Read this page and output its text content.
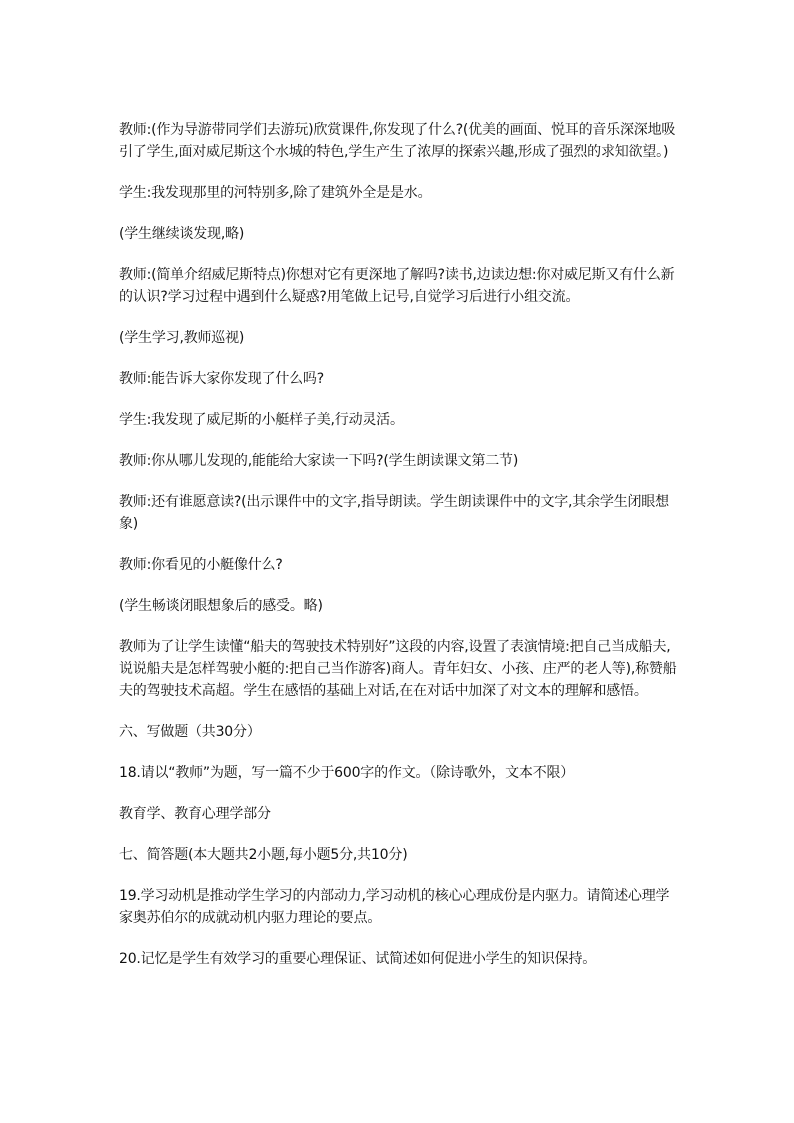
教师:(作为导游带同学们去游玩)欣赏课件,你发现了什么?(优美的画面、悦耳的音乐深深地吸引了学生,面对威尼斯这个水城的特色,学生产生了浓厚的探索兴趣,形成了强烈的求知欲望。)

学生:我发现那里的河特别多,除了建筑外全是是水。

(学生继续谈发现,略)

教师:(简单介绍威尼斯特点)你想对它有更深地了解吗?读书,边读边想:你对威尼斯又有什么新的认识?学习过程中遇到什么疑惑?用笔做上记号,自觉学习后进行小组交流。

(学生学习,教师巡视)

教师:能告诉大家你发现了什么吗?

学生:我发现了威尼斯的小艇样子美,行动灵活。

教师:你从哪儿发现的,能能给大家读一下吗?(学生朗读课文第二节)

教师:还有谁愿意读?(出示课件中的文字,指导朗读。学生朗读课件中的文字,其余学生闭眼想象)

教师:你看见的小艇像什么?

(学生畅谈闭眼想象后的感受。略)

教师为了让学生读懂“船夫的驾驶技术特别好”这段的内容,设置了表演情境:把自己当成船夫,说说船夫是怎样驾驶小艇的:把自己当作游客)商人。青年妇女、小孩、庄严的老人等),称赞船夫的驾驶技术高超。学生在感悟的基础上对话,在在对话中加深了对文本的理解和感悟。

六、写做题（共30分）

18.请以“教师”为题，写一篇不少于600字的作文。（除诗歌外，文本不限）

教育学、教育心理学部分

七、简答题(本大题共2小题,每小题5分,共10分)

19.学习动机是推动学生学习的内部动力,学习动机的核心心理成份是内驱力。请简述心理学家奥苏伯尔的成就动机内驱力理论的要点。

20.记忆是学生有效学习的重要心理保证、试简述如何促进小学生的知识保持。
